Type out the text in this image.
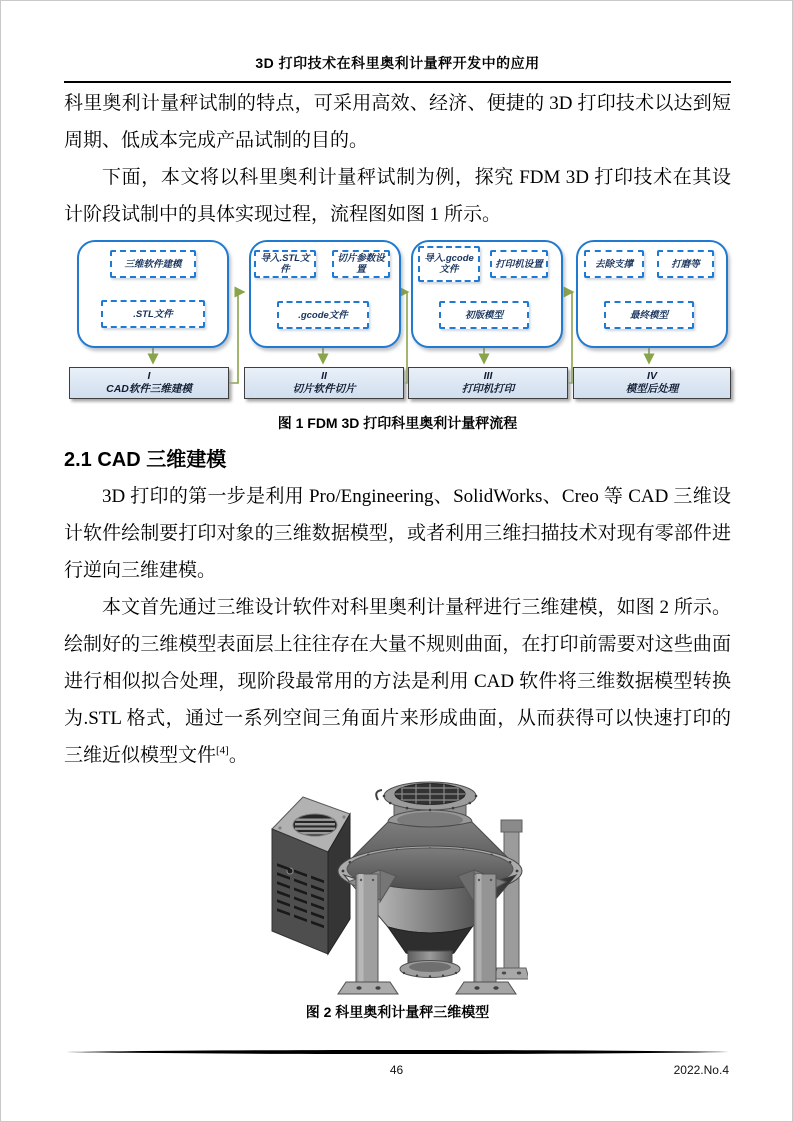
3D 打印技术在科里奥利计量秤开发中的应用

科里奥利计量秤试制的特点，可采用高效、经济、便捷的 3D 打印技术以达到短周期、低成本完成产品试制的目的。

下面，本文将以科里奥利计量秤试制为例，探究 FDM 3D 打印技术在其设计阶段试制中的具体实现过程，流程图如图 1 所示。

三维软件建模
.STL文件
导入.STL文件
切片参数设置
.gcode文件
导入.gcode文件	打印机设置
初版模型
去除支撑	打磨等
最终模型
I
CAD软件三维建模
II
切片软件切片
III
打印机打印
IV
模型后处理
图 1 FDM 3D 打印科里奥利计量秤流程
2.1 CAD 三维建模

3D 打印的第一步是利用 Pro/Engineering、SolidWorks、Creo 等 CAD 三维设计软件绘制要打印对象的三维数据模型，或者利用三维扫描技术对现有零部件进行逆向三维建模。

本文首先通过三维设计软件对科里奥利计量秤进行三维建模，如图 2 所示。绘制好的三维模型表面层上往往存在大量不规则曲面，在打印前需要对这些曲面进行相似拟合处理，现阶段最常用的方法是利用 CAD 软件将三维数据模型转换为.STL 格式，通过一系列空间三角面片来形成曲面，从而获得可以快速打印的三维近似模型文件[4]。

图 2 科里奥利计量秤三维模型
46	2022.No.4
